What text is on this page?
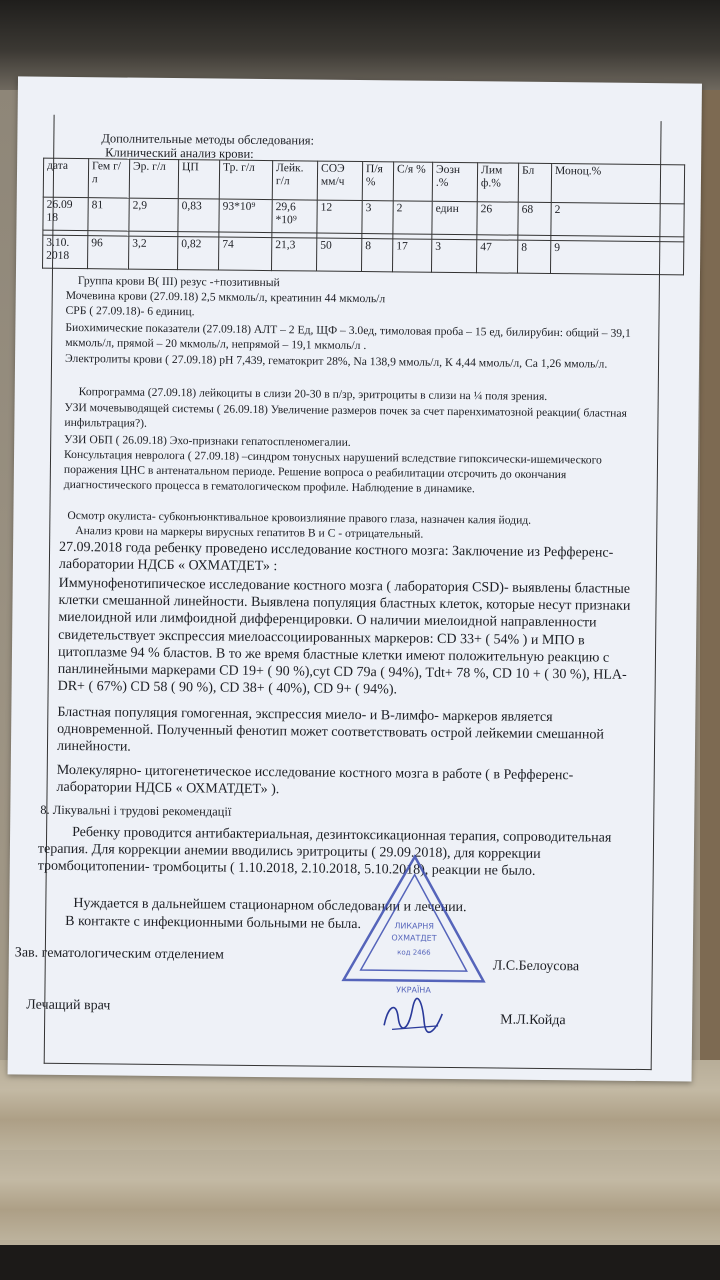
Дополнительные методы обследования:
Клинический анализ крови:
дата	Гем г/л	Эр. г/л	ЦП	Тр. г/л	Лейк. г/л	СОЭ мм/ч	П/я %	С/я %	Эозн .%	Лим ф.%	Бл	Моноц.%
26.09 18	81	2,9	0,83	93*10⁹	29,6 *10⁹	12	3	2	един	26	68	2

3.10. 2018	96	3,2	0,82	74	21,3	50	8	17	3	47	8	9
Группа крови В( III) резус -+позитивный
Мочевина крови (27.09.18) 2,5 мкмоль/л, креатинин 44 мкмоль/л
СРБ ( 27.09.18)- 6 единиц.
Биохимические показатели (27.09.18) АЛТ – 2 Ед, ЩФ – 3.0ед, тимоловая проба – 15 ед, билирубин: общий – 39,1 мкмоль/л, прямой – 20 мкмоль/л, непрямой – 19,1 мкмоль/л .
Электролиты крови ( 27.09.18) рН 7,439, гематокрит 28%, Na 138,9 ммоль/л, К 4,44 ммоль/л, Са 1,26 ммоль/л.
Копрограмма (27.09.18) лейкоциты в слизи 20-30 в п/зр, эритроциты в слизи на ¼ поля зрения.
УЗИ мочевыводящей системы ( 26.09.18) Увеличение размеров почек за счет паренхиматозной реакции( бластная инфильтрация?).
УЗИ ОБП ( 26.09.18) Эхо-признаки гепатоспленомегалии.
Консультация невролога ( 27.09.18) –синдром тонусных нарушений вследствие гипоксически-ишемического поражения ЦНС в антенатальном периоде. Решение вопроса о реабилитации отсрочить до окончания диагностического процесса в гематологическом профиле. Наблюдение в динамике.
Осмотр окулиста- субконъюнктивальное кровоизлияние правого глаза, назначен калия йодид.
Анализ крови на маркеры вирусных гепатитов В и С - отрицательный.
27.09.2018 года ребенку проведено исследование костного мозга: Заключение из Рефференс-лаборатории НДСБ « ОХМАТДЕТ» :
Иммунофенотипическое исследование костного мозга ( лаборатория CSD)- выявлены бластные клетки смешанной линейности. Выявлена популяция бластных клеток, которые несут признаки миелоидной или лимфоидной дифференцировки. О наличии миелоидной направленности свидетельствует экспрессия миелоассоциированных маркеров: CD 33+ ( 54% ) и МПО в цитоплазме 94 % бластов. В то же время бластные клетки имеют положительную реакцию с панлинейными маркерами CD 19+ ( 90 %),cyt CD 79a ( 94%), Tdt+ 78 %, CD 10 + ( 30 %), HLA-DR+ ( 67%) CD 58 ( 90 %), CD 38+ ( 40%), CD 9+ ( 94%).
Бластная популяция гомогенная, экспрессия миело- и В-лимфо- маркеров является одновременной. Полученный фенотип может соответствовать острой лейкемии смешанной линейности.
Молекулярно- цитогенетическое исследование костного мозга в работе ( в Рефференс-лаборатории НДСБ « ОХМАТДЕТ» ).
8. Лікувальні і трудові рекомендації
Ребенку проводится антибактериальная, дезинтоксикационная терапия, сопроводительная терапия. Для коррекции анемии вводились эритроциты ( 29.09.2018), для коррекции тромбоцитопении- тромбоциты ( 1.10.2018, 2.10.2018, 5.10.2018), реакции не было.
Нуждается в дальнейшем стационарном обследовании и лечении.
В контакте с инфекционными больными не была.
Зав. гематологическим отделением
Л.С.Белоусова
Лечащий врач
М.Л.Койда
ЛИКАРНЯ
ОХМАТДЕТ
код 2466
УКРАЇНА
